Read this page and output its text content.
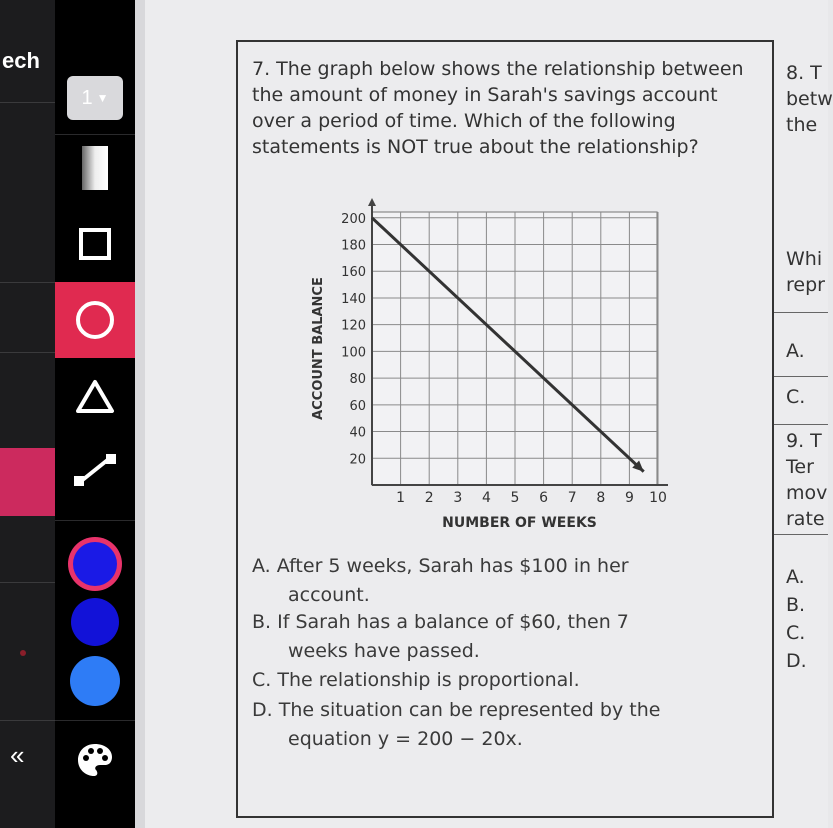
ech
«
1 ▼
7. The graph below shows the relationship between the amount of money in Sarah's savings account over a period of time. Which of the following statements is NOT true about the relationship?
200
180
160
140
120
100
80
60
40
20
1 2 3 4 5 6 7 8 9 10
ACCOUNT BALANCE
NUMBER OF WEEKS
A. After 5 weeks, Sarah has $100 in her
account.
B. If Sarah has a balance of $60, then 7
weeks have passed.
C. The relationship is proportional.
D. The situation can be represented by the
equation y = 200 − 20x.
8. T
betw
the
Whi
repr
A.
C.
9. T
Ter
mov
rate
A.
B.
C.
D.
